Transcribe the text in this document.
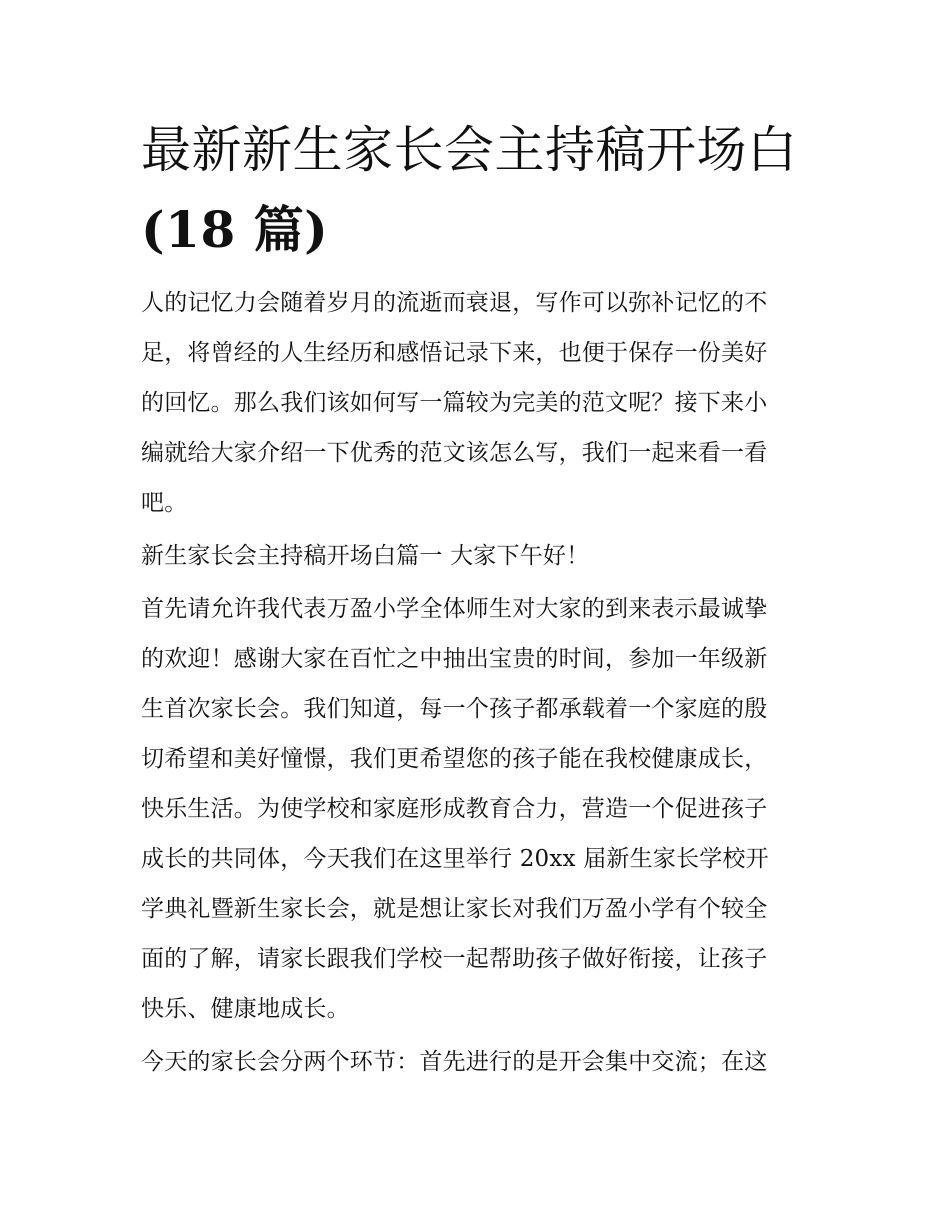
最新新生家长会主持稿开场白
(18 篇)

人的记忆力会随着岁月的流逝而衰退，写作可以弥补记忆的不
足，将曾经的人生经历和感悟记录下来，也便于保存一份美好
的回忆。那么我们该如何写一篇较为完美的范文呢？接下来小
编就给大家介绍一下优秀的范文该怎么写，我们一起来看一看
吧。

新生家长会主持稿开场白篇一 大家下午好！

首先请允许我代表万盈小学全体师生对大家的到来表示最诚挚
的欢迎！感谢大家在百忙之中抽出宝贵的时间，参加一年级新
生首次家长会。我们知道，每一个孩子都承载着一个家庭的殷
切希望和美好憧憬，我们更希望您的孩子能在我校健康成长，
快乐生活。为使学校和家庭形成教育合力，营造一个促进孩子
成长的共同体，今天我们在这里举行 20xx 届新生家长学校开
学典礼暨新生家长会，就是想让家长对我们万盈小学有个较全
面的了解，请家长跟我们学校一起帮助孩子做好衔接，让孩子
快乐、健康地成长。

今天的家长会分两个环节：首先进行的是开会集中交流；在这
